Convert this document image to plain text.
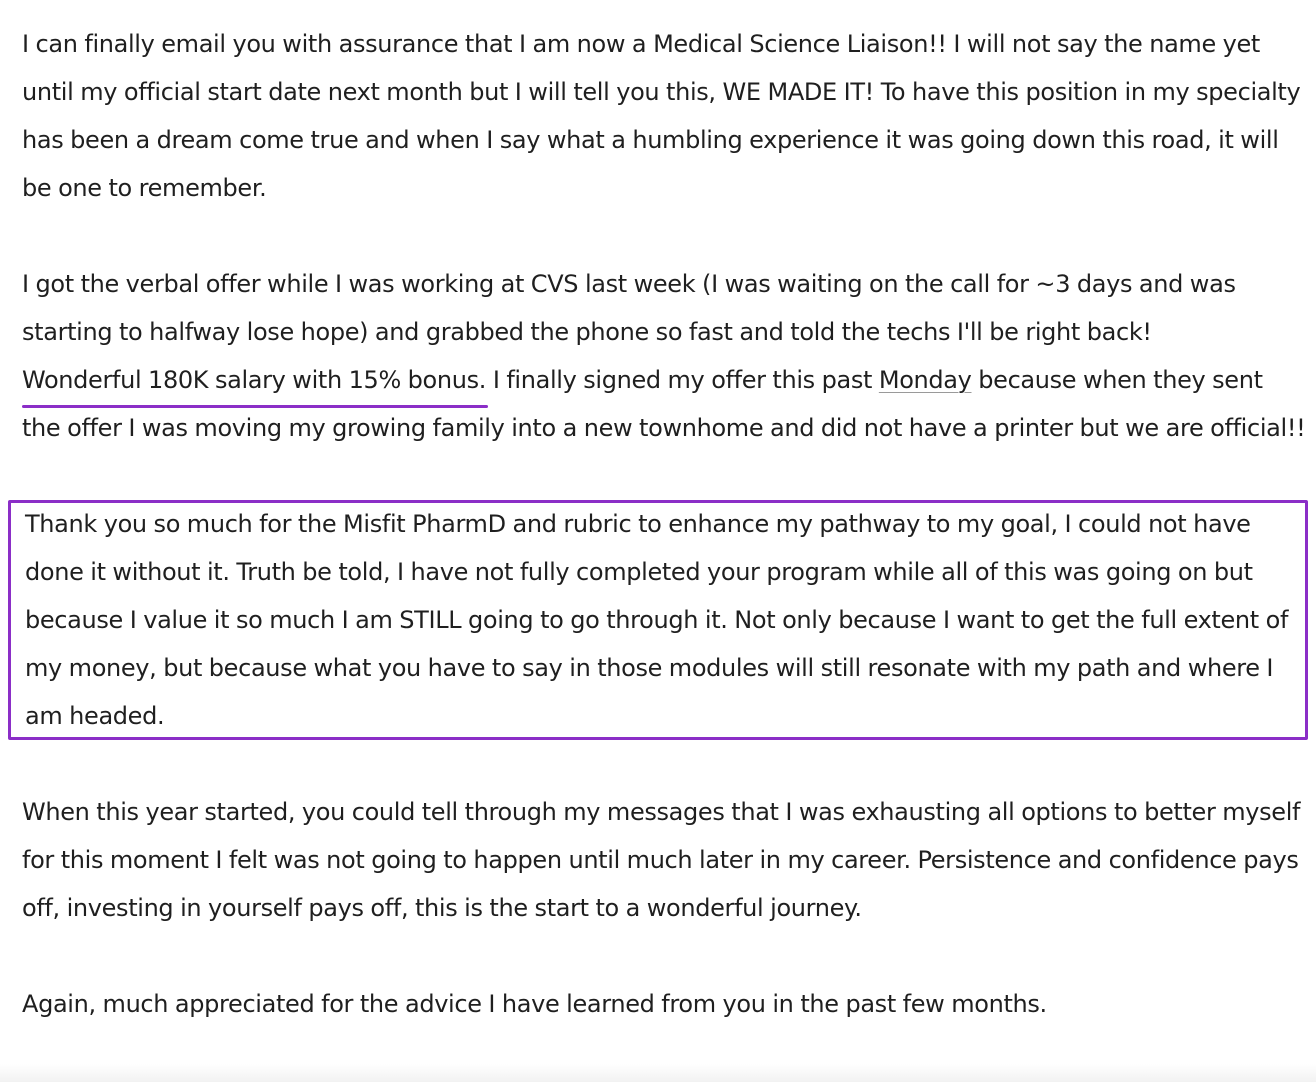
I can finally email you with assurance that I am now a Medical Science Liaison!! I will not say the name yet until my official start date next month but I will tell you this, WE MADE IT! To have this position in my specialty has been a dream come true and when I say what a humbling experience it was going down this road, it will be one to remember.

I got the verbal offer while I was working at CVS last week (I was waiting on the call for ~3 days and was starting to halfway lose hope) and grabbed the phone so fast and told the techs I'll be right back! Wonderful 180K salary with 15% bonus. I finally signed my offer this past Monday because when they sent the offer I was moving my growing family into a new townhome and did not have a printer but we are official!!

Thank you so much for the Misfit PharmD and rubric to enhance my pathway to my goal, I could not have done it without it. Truth be told, I have not fully completed your program while all of this was going on but because I value it so much I am STILL going to go through it. Not only because I want to get the full extent of my money, but because what you have to say in those modules will still resonate with my path and where I am headed.

When this year started, you could tell through my messages that I was exhausting all options to better myself for this moment I felt was not going to happen until much later in my career. Persistence and confidence pays off, investing in yourself pays off, this is the start to a wonderful journey.

Again, much appreciated for the advice I have learned from you in the past few months.
